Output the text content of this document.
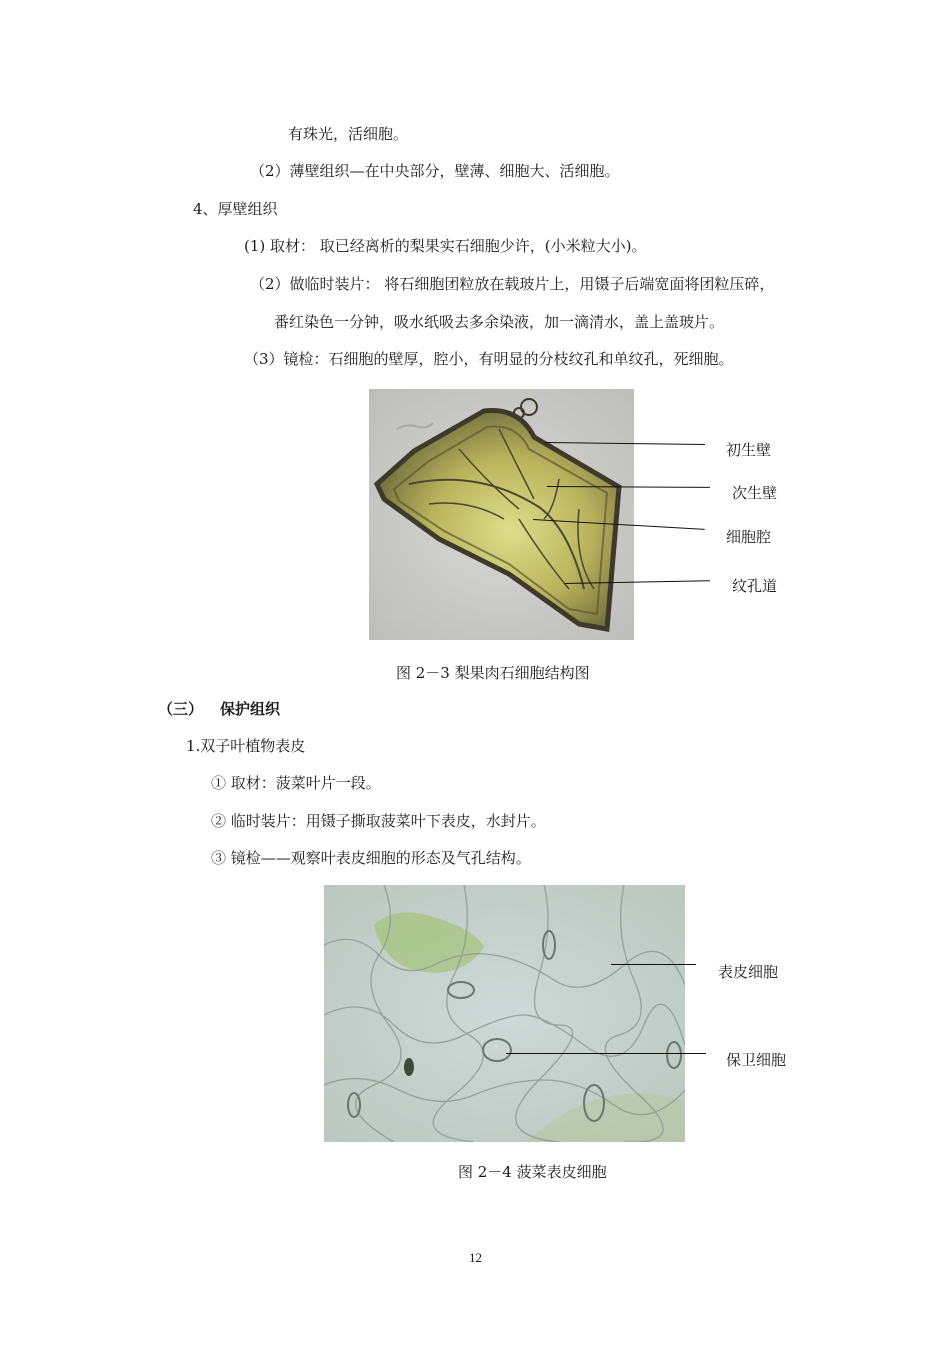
有珠光，活细胞。
（2）薄壁组织—在中央部分，壁薄、细胞大、活细胞。
4、厚壁组织
(1) 取材： 取已经离析的梨果实石细胞少许，(小米粒大小)。
（2）做临时装片： 将石细胞团粒放在载玻片上，用镊子后端宽面将团粒压碎，
番红染色一分钟，吸水纸吸去多余染液，加一滴清水，盖上盖玻片。
（3）镜检：石细胞的壁厚，腔小，有明显的分枝纹孔和单纹孔，死细胞。
初生壁
次生壁
细胞腔
纹孔道
图 2－3 梨果肉石细胞结构图
（三） 保护组织
1.双子叶植物表皮
① 取材：菠菜叶片一段。
② 临时装片：用镊子撕取菠菜叶下表皮，水封片。
③ 镜检——观察叶表皮细胞的形态及气孔结构。
表皮细胞
保卫细胞
图 2－4 菠菜表皮细胞
12
